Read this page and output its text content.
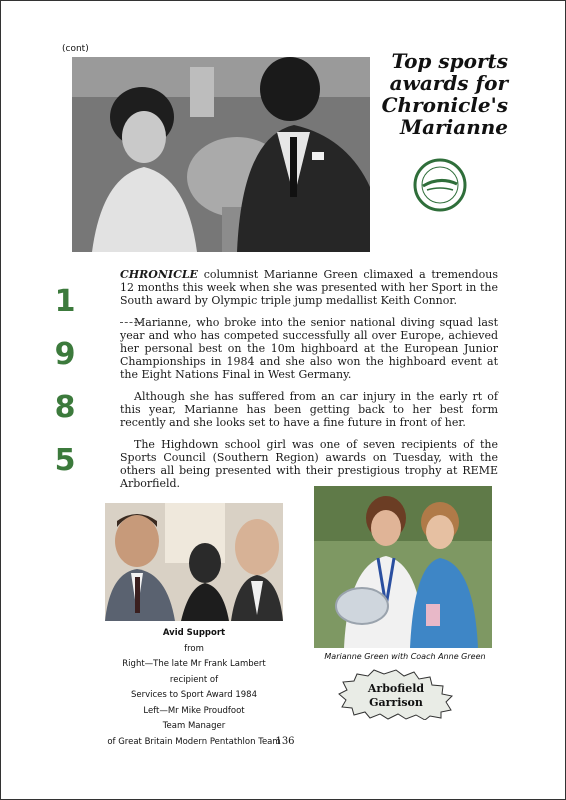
(cont)	Top sports
awards for
Chronicle's
Marianne
1
9
8
5

CHRONICLE columnist Marianne Green climaxed a tremendous 12 months this week when she was presented with her Sport in the South award by Olympic triple jump medallist Keith Connor.

Marianne, who broke into the senior national diving squad last year and who has competed successfully all over Europe, achieved her personal best on the 10m highboard at the European Junior Championships in 1984 and she also won the highboard event at the Eight Nations Final in West Germany.

Although she has suffered from an car injury in the early rt of this year, Marianne has been getting back to her best form recently and she looks set to have a fine future in front of her.

The Highdown school girl was one of seven recipients of the Sports Council (Southern Region) awards on Tuesday, with the others all being presented with their prestigious trophy at REME Arborfield.

Avid Support
from
Right—The late Mr Frank Lambert
recipient of
Services to Sport Award 1984
Left—Mr Mike Proudfoot
Team Manager
of Great Britain Modern Pentathlon Team
Marianne Green with Coach Anne Green
Arbofield
Garrison
136
